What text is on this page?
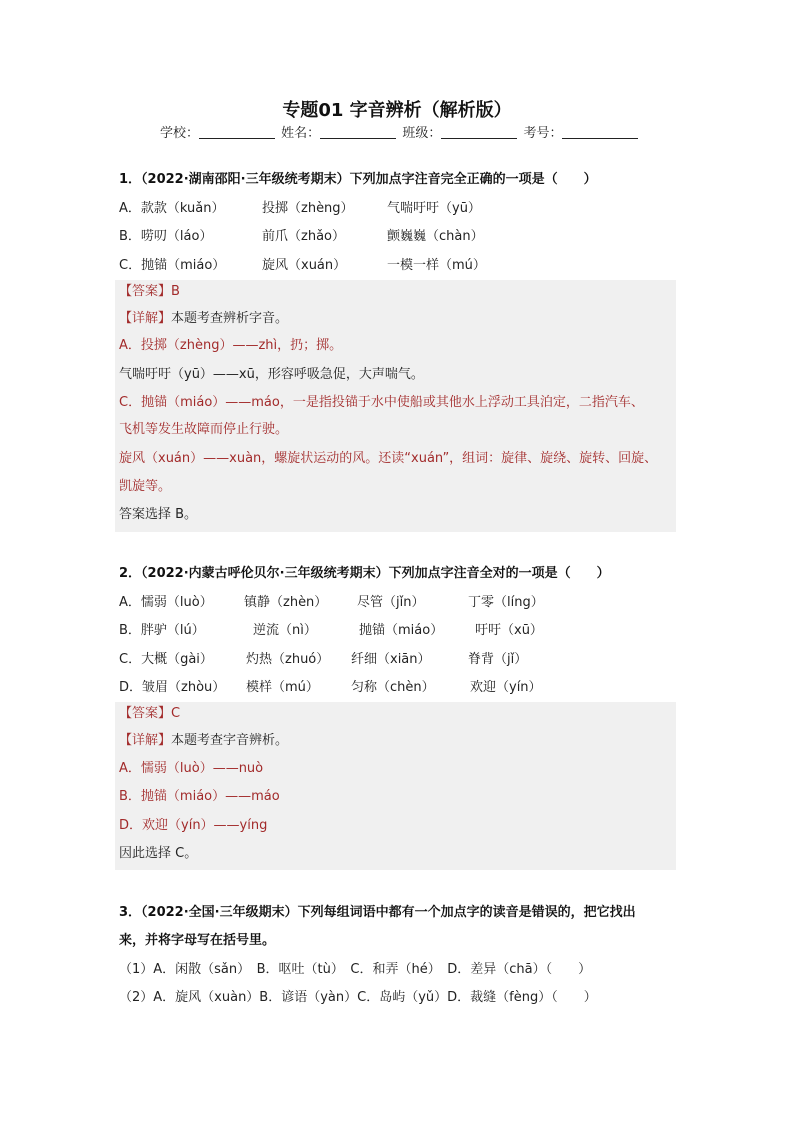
专题01 字音辨析（解析版）
学校：	姓名：	班级：	考号：
1．（2022·湖南邵阳·三年级统考期末）下列加点字注音完全正确的一项是（　　）
A．款款（kuǎn）	投掷（zhèng）	气喘吁吁（yū）
B．唠叨（láo）	前爪（zhǎo）	颤巍巍（chàn）
C．抛锚（miáo）	旋风（xuán）	一模一样（mú）
【答案】B
【详解】本题考查辨析字音。
A．投掷（zhèng）——zhì，扔；掷。
气喘吁吁（yū）——xū，形容呼吸急促，大声喘气。
C．抛锚（miáo）——máo，一是指投锚于水中使船或其他水上浮动工具泊定，二指汽车、
飞机等发生故障而停止行驶。
旋风（xuán）——xuàn，螺旋状运动的风。还读“xuán”，组词：旋律、旋绕、旋转、回旋、
凯旋等。
答案选择 B。
2．（2022·内蒙古呼伦贝尔·三年级统考期末）下列加点字注音全对的一项是（　　）
A．懦弱（luò） 镇静（zhèn） 尽管（jǐn）	丁零（líng）
B．胖驴（lú）	逆流（nì）	抛锚（miáo） 吁吁（xū）
C．大概（gài）	灼热（zhuó） 纤细（xiān）	脊背（jǐ）
D．皱眉（zhòu） 模样（mú） 匀称（chèn）	欢迎（yín）
【答案】C
【详解】本题考查字音辨析。
A．懦弱（luò）——nuò
B．抛锚（miáo）——máo
D．欢迎（yín）——yíng
因此选择 C。
3．（2022·全国·三年级期末）下列每组词语中都有一个加点字的读音是错误的，把它找出
来，并将字母写在括号里。
（1）A．闲散（sǎn）　B．呕吐（tù）　C．和弄（hé）　D．差异（chā）（　　）
（2）A．旋风（xuàn）B．谚语（yàn）C．岛屿（yǔ）D．裁缝（fèng）（　　）
